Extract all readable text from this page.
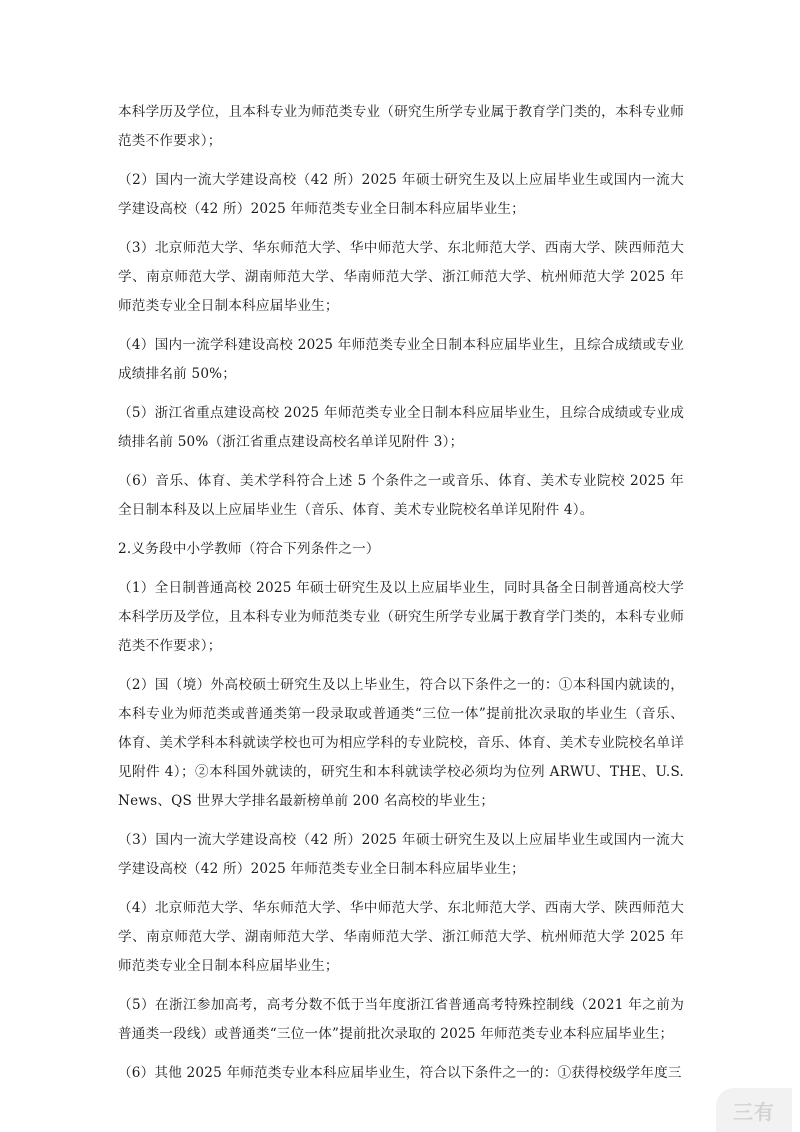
本科学历及学位，且本科专业为师范类专业（研究生所学专业属于教育学门类的，本科专业师范类不作要求）；

（2）国内一流大学建设高校（42 所）2025 年硕士研究生及以上应届毕业生或国内一流大学建设高校（42 所）2025 年师范类专业全日制本科应届毕业生；

（3）北京师范大学、华东师范大学、华中师范大学、东北师范大学、西南大学、陕西师范大学、南京师范大学、湖南师范大学、华南师范大学、浙江师范大学、杭州师范大学 2025 年师范类专业全日制本科应届毕业生；

（4）国内一流学科建设高校 2025 年师范类专业全日制本科应届毕业生，且综合成绩或专业成绩排名前 50%；

（5）浙江省重点建设高校 2025 年师范类专业全日制本科应届毕业生，且综合成绩或专业成绩排名前 50%（浙江省重点建设高校名单详见附件 3）；

（6）音乐、体育、美术学科符合上述 5 个条件之一或音乐、体育、美术专业院校 2025 年全日制本科及以上应届毕业生（音乐、体育、美术专业院校名单详见附件 4）。

2.义务段中小学教师（符合下列条件之一）

（1）全日制普通高校 2025 年硕士研究生及以上应届毕业生，同时具备全日制普通高校大学本科学历及学位，且本科专业为师范类专业（研究生所学专业属于教育学门类的，本科专业师范类不作要求）；

（2）国（境）外高校硕士研究生及以上毕业生，符合以下条件之一的：①本科国内就读的，本科专业为师范类或普通类第一段录取或普通类“三位一体”提前批次录取的毕业生（音乐、体育、美术学科本科就读学校也可为相应学科的专业院校，音乐、体育、美术专业院校名单详见附件 4）；②本科国外就读的，研究生和本科就读学校必须均为位列 ARWU、THE、U.S.News、QS 世界大学排名最新榜单前 200 名高校的毕业生；

（3）国内一流大学建设高校（42 所）2025 年硕士研究生及以上应届毕业生或国内一流大学建设高校（42 所）2025 年师范类专业全日制本科应届毕业生；

（4）北京师范大学、华东师范大学、华中师范大学、东北师范大学、西南大学、陕西师范大学、南京师范大学、湖南师范大学、华南师范大学、浙江师范大学、杭州师范大学 2025 年师范类专业全日制本科应届毕业生；

（5）在浙江参加高考，高考分数不低于当年度浙江省普通高考特殊控制线（2021 年之前为普通类一段线）或普通类“三位一体”提前批次录取的 2025 年师范类专业本科应届毕业生；

（6）其他 2025 年师范类专业本科应届毕业生，符合以下条件之一的：①获得校级学年度三

三有
